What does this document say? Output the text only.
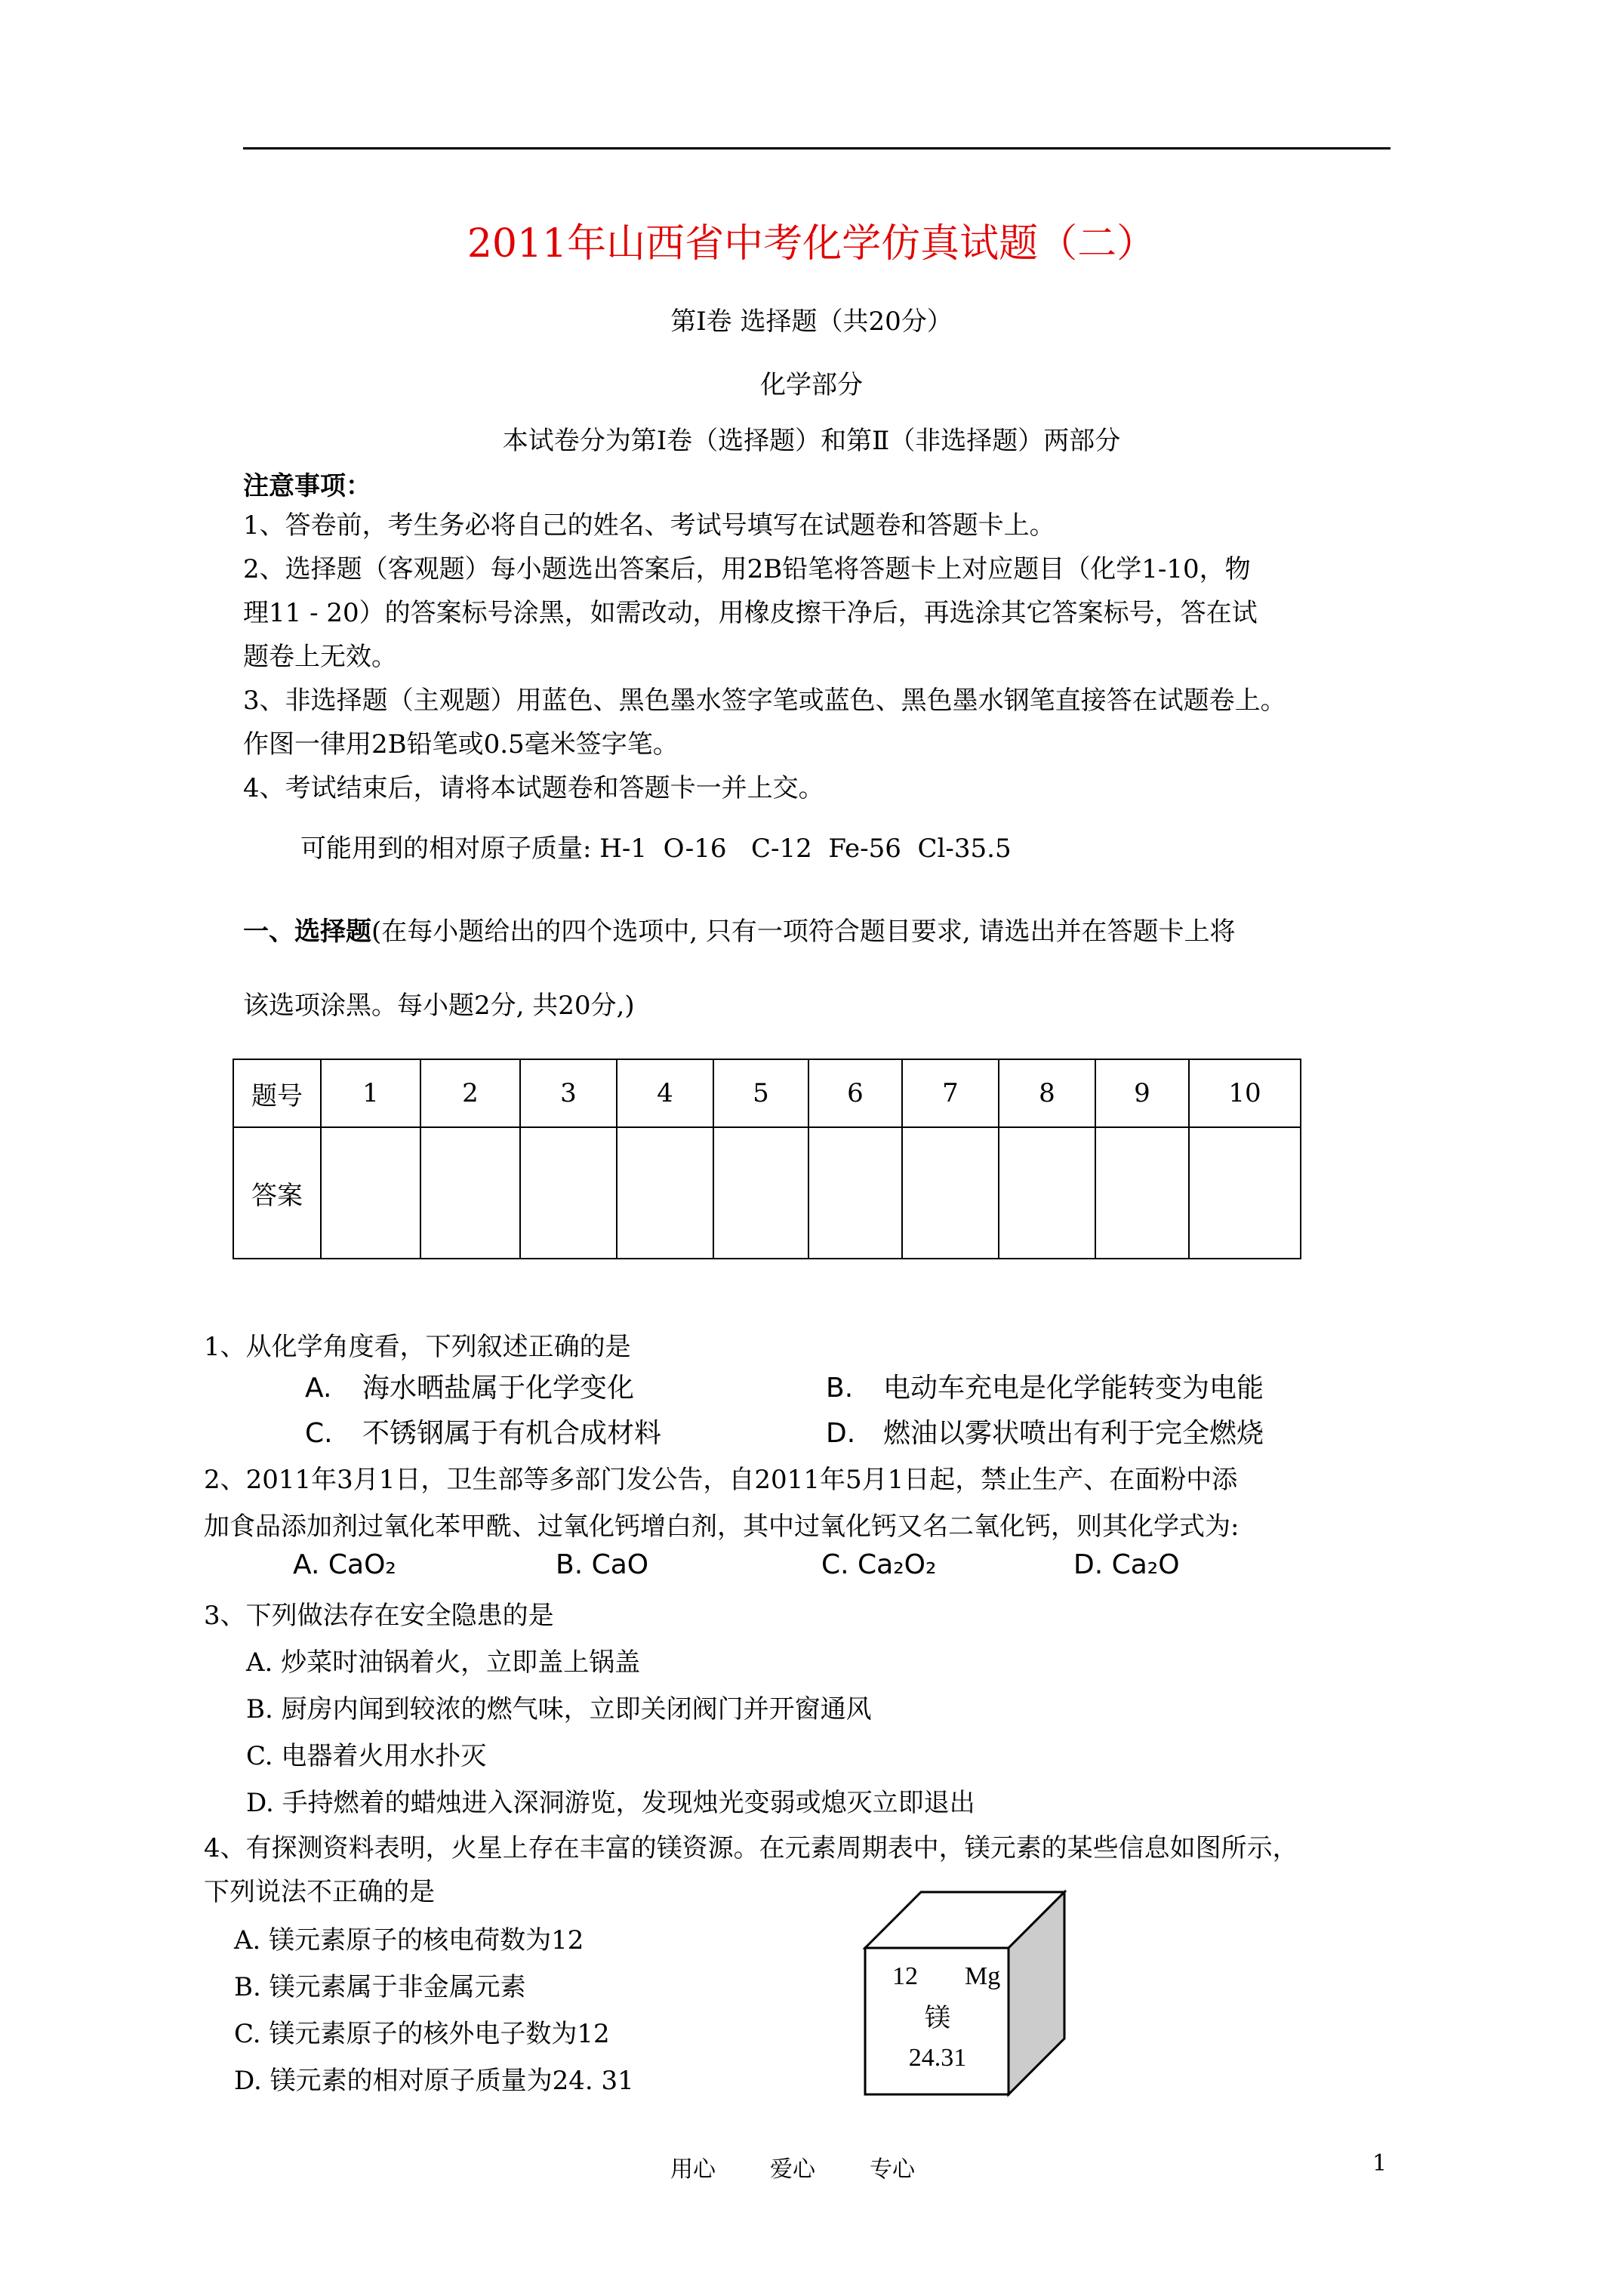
2011年山西省中考化学仿真试题（二）
第Ⅰ卷 选择题（共20分）
化学部分
本试卷分为第Ⅰ卷（选择题）和第Ⅱ（非选择题）两部分
注意事项：
1、答卷前，考生务必将自己的姓名、考试号填写在试题卷和答题卡上。
2、选择题（客观题）每小题选出答案后，用2B铅笔将答题卡上对应题目（化学1-10，物
理11 - 20）的答案标号涂黑，如需改动，用橡皮擦干净后，再选涂其它答案标号，答在试
题卷上无效。
3、非选择题（主观题）用蓝色、黑色墨水签字笔或蓝色、黑色墨水钢笔直接答在试题卷上。
作图一律用2B铅笔或0.5毫米签字笔。
4、考试结束后，请将本试题卷和答题卡一并上交。
可能用到的相对原子质量: H-1  O-16   C-12  Fe-56  Cl-35.5
一、选择题(在每小题给出的四个选项中, 只有一项符合题目要求, 请选出并在答题卡上将
该选项涂黑。每小题2分, 共20分,)
题号	1	2	3	4	5	6	7	8	9	10
答案										
1、从化学角度看，下列叙述正确的是
A. 海水晒盐属于化学变化	B. 电动车充电是化学能转变为电能
C. 不锈钢属于有机合成材料	D. 燃油以雾状喷出有利于完全燃烧
2、2011年3月1日，卫生部等多部门发公告，自2011年5月1日起，禁止生产、在面粉中添
加食品添加剂过氧化苯甲酰、过氧化钙增白剂，其中过氧化钙又名二氧化钙，则其化学式为:
A. CaO₂	B. CaO	C. Ca₂O₂	D. Ca₂O
3、下列做法存在安全隐患的是
A. 炒菜时油锅着火，立即盖上锅盖
B. 厨房内闻到较浓的燃气味，立即关闭阀门并开窗通风
C. 电器着火用水扑灭
D. 手持燃着的蜡烛进入深洞游览，发现烛光变弱或熄灭立即退出
4、有探测资料表明，火星上存在丰富的镁资源。在元素周期表中，镁元素的某些信息如图所示，
下列说法不正确的是
A. 镁元素原子的核电荷数为12
B. 镁元素属于非金属元素
C. 镁元素原子的核外电子数为12
D. 镁元素的相对原子质量为24. 31
12 Mg
镁
24.31
用心 爱心 专心	1
